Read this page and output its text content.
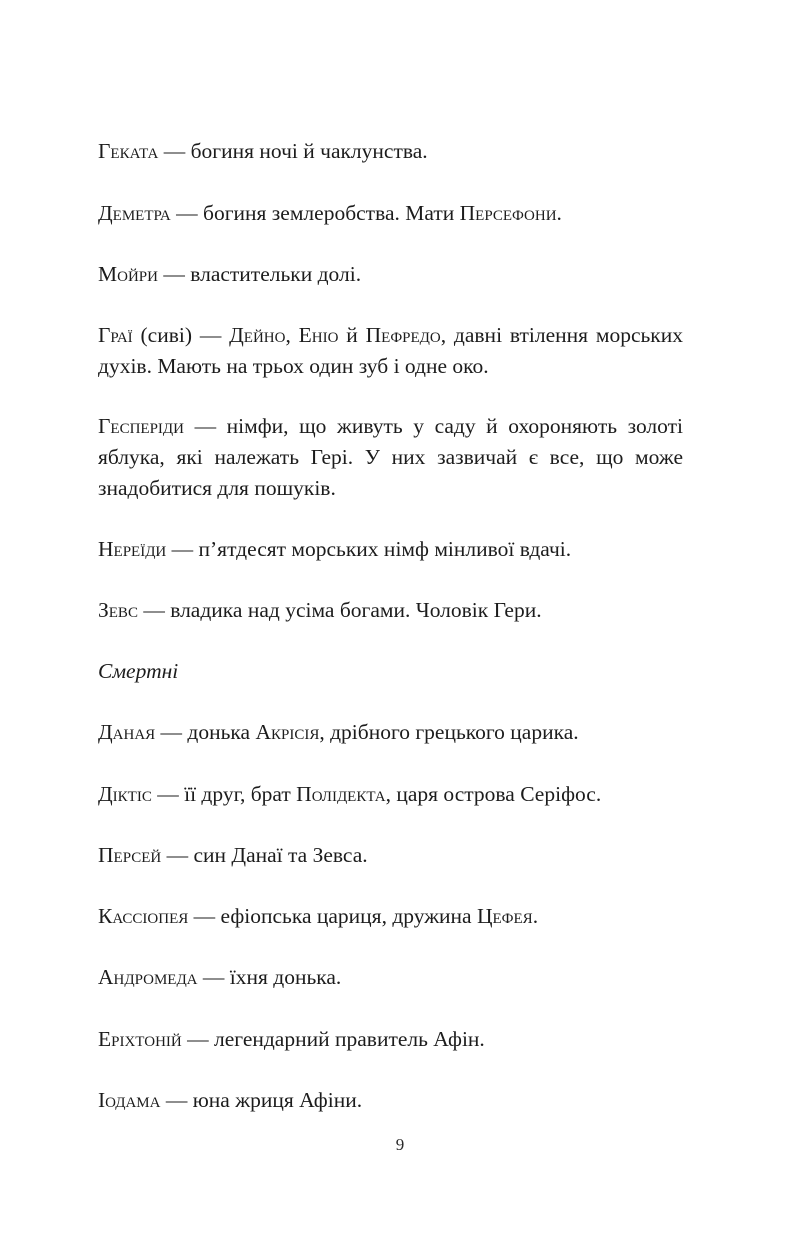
Геката — богиня ночі й чаклунства.

Деметра — богиня землеробства. Мати Персефони.

Мойри — властительки долі.

Граї (сиві) — Дейно, Еніо й Пефредо, давні втілення морських духів. Мають на трьох один зуб і одне око.

Гесперіди — німфи, що живуть у саду й охороняють золоті яблука, які належать Гері. У них зазвичай є все, що може знадобитися для пошуків.

Нереїди — п’ятдесят морських німф мінливої вдачі.

Зевс — владика над усіма богами. Чоловік Гери.

Смертні

Даная — донька Акрісія, дрібного грецького царика.

Діктіс — її друг, брат Полідекта, царя острова Серіфос.

Персей — син Данаї та Зевса.

Кассіопея — ефіопська цариця, дружина Цефея.

Андромеда — їхня донька.

Еріхтоній — легендарний правитель Афін.

Іодама — юна жриця Афіни.

9
